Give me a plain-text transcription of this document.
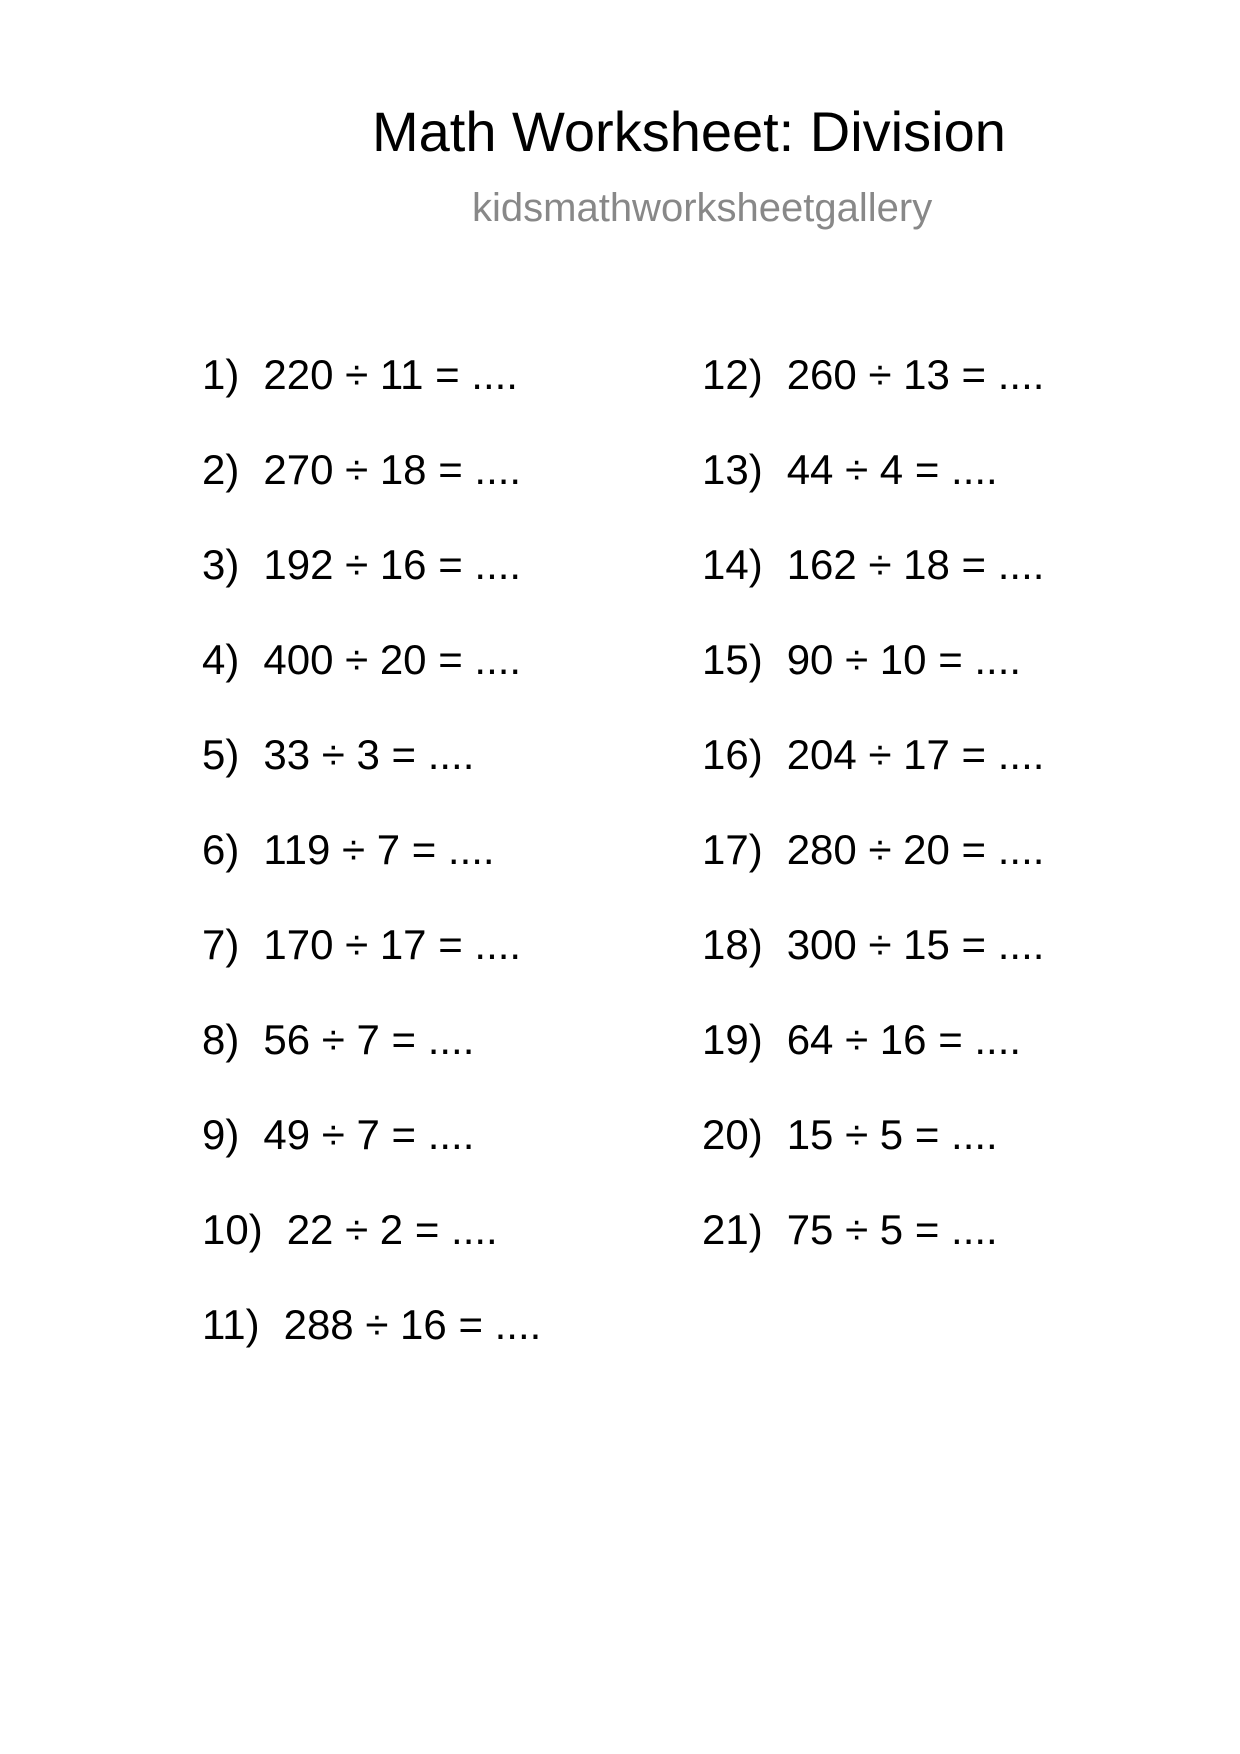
Math Worksheet: Division
kidsmathworksheetgallery
1) 220 ÷ 11 = ....
2) 270 ÷ 18 = ....
3) 192 ÷ 16 = ....
4) 400 ÷ 20 = ....
5) 33 ÷ 3 = ....
6) 119 ÷ 7 = ....
7) 170 ÷ 17 = ....
8) 56 ÷ 7 = ....
9) 49 ÷ 7 = ....
10) 22 ÷ 2 = ....
11) 288 ÷ 16 = ....
12) 260 ÷ 13 = ....
13) 44 ÷ 4 = ....
14) 162 ÷ 18 = ....
15) 90 ÷ 10 = ....
16) 204 ÷ 17 = ....
17) 280 ÷ 20 = ....
18) 300 ÷ 15 = ....
19) 64 ÷ 16 = ....
20) 15 ÷ 5 = ....
21) 75 ÷ 5 = ....
